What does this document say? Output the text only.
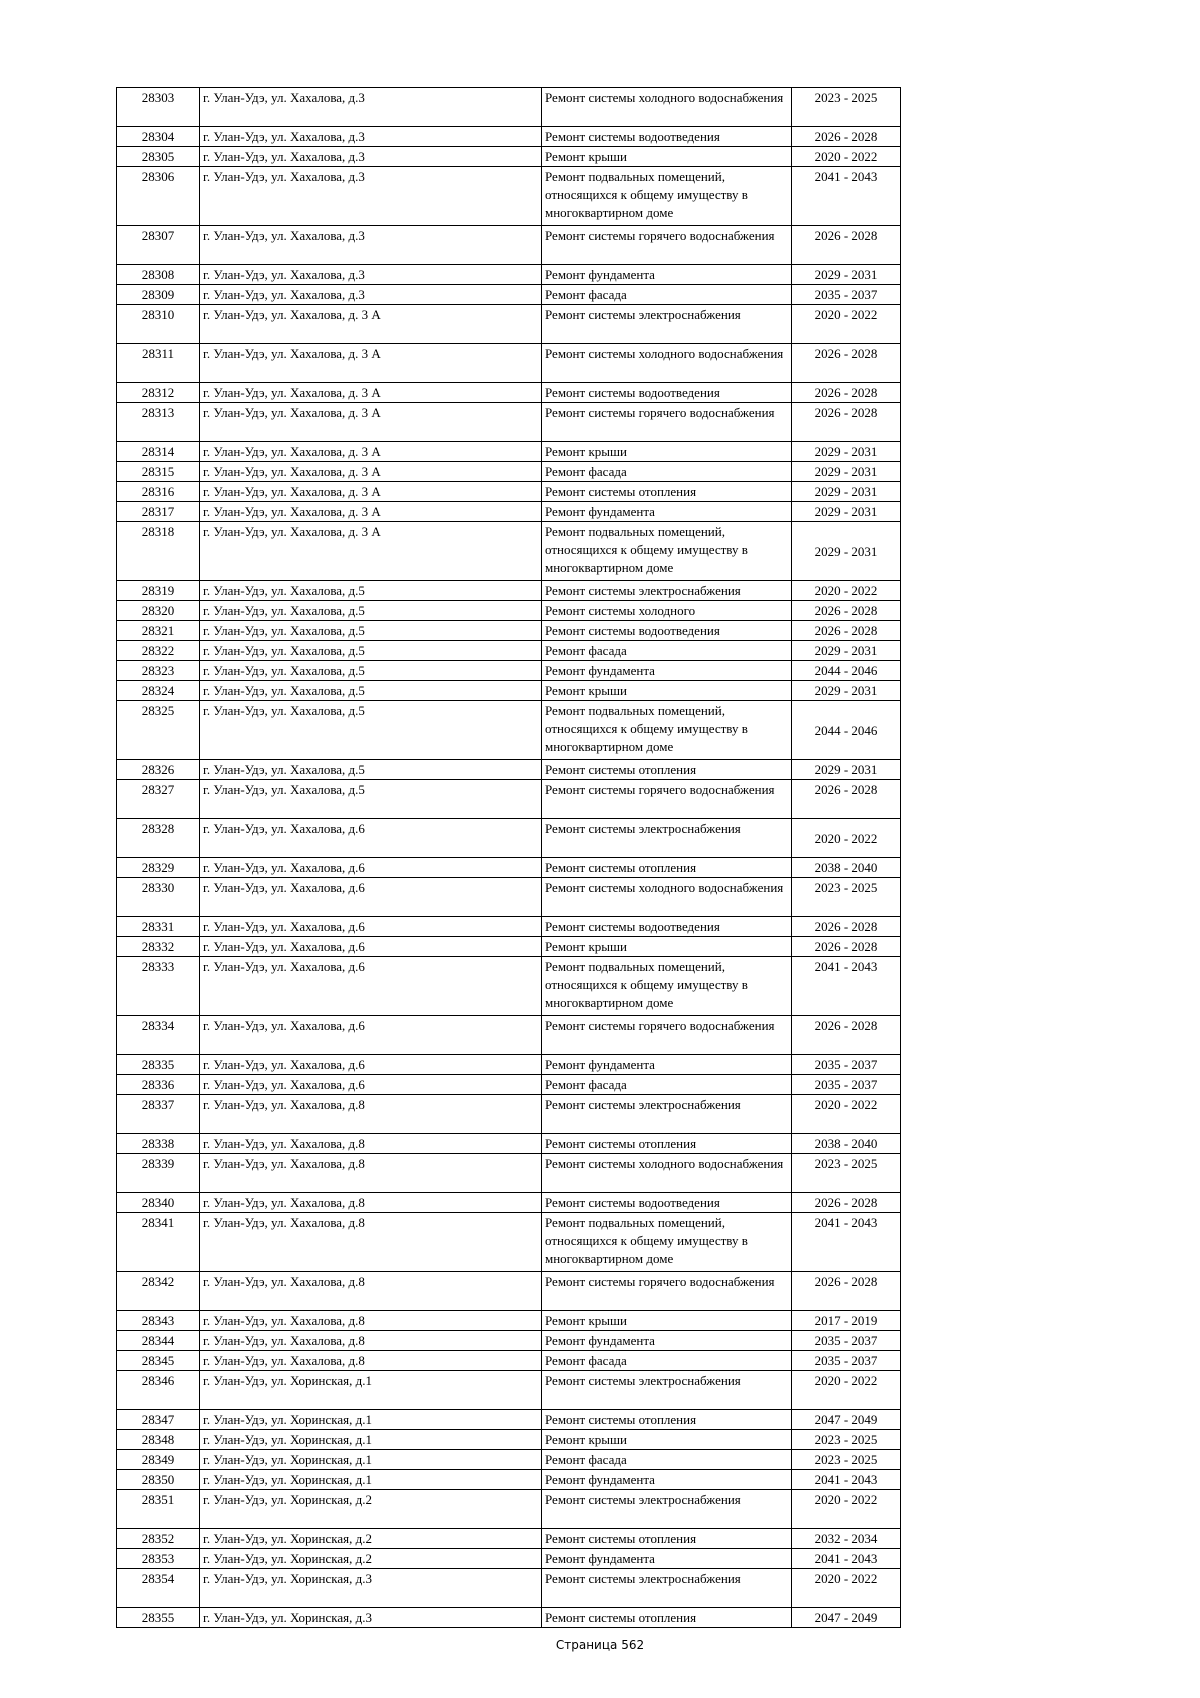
28303	г. Улан-Удэ, ул. Хахалова, д.3	Ремонт системы холодного водоснабжения	2023 - 2025
28304	г. Улан-Удэ, ул. Хахалова, д.3	Ремонт системы водоотведения	2026 - 2028
28305	г. Улан-Удэ, ул. Хахалова, д.3	Ремонт крыши	2020 - 2022
28306	г. Улан-Удэ, ул. Хахалова, д.3	Ремонт подвальных помещений, относящихся к общему имуществу в многоквартирном доме	2041 - 2043
28307	г. Улан-Удэ, ул. Хахалова, д.3	Ремонт системы горячего водоснабжения	2026 - 2028
28308	г. Улан-Удэ, ул. Хахалова, д.3	Ремонт фундамента	2029 - 2031
28309	г. Улан-Удэ, ул. Хахалова, д.3	Ремонт фасада	2035 - 2037
28310	г. Улан-Удэ, ул. Хахалова, д. 3 А	Ремонт системы электроснабжения	2020 - 2022
28311	г. Улан-Удэ, ул. Хахалова, д. 3 А	Ремонт системы холодного водоснабжения	2026 - 2028
28312	г. Улан-Удэ, ул. Хахалова, д. 3 А	Ремонт системы водоотведения	2026 - 2028
28313	г. Улан-Удэ, ул. Хахалова, д. 3 А	Ремонт системы горячего водоснабжения	2026 - 2028
28314	г. Улан-Удэ, ул. Хахалова, д. 3 А	Ремонт крыши	2029 - 2031
28315	г. Улан-Удэ, ул. Хахалова, д. 3 А	Ремонт фасада	2029 - 2031
28316	г. Улан-Удэ, ул. Хахалова, д. 3 А	Ремонт системы отопления	2029 - 2031
28317	г. Улан-Удэ, ул. Хахалова, д. 3 А	Ремонт фундамента	2029 - 2031
28318	г. Улан-Удэ, ул. Хахалова, д. 3 А	Ремонт подвальных помещений, относящихся к общему имуществу в многоквартирном доме	2029 - 2031
28319	г. Улан-Удэ, ул. Хахалова, д.5	Ремонт системы электроснабжения	2020 - 2022
28320	г. Улан-Удэ, ул. Хахалова, д.5	Ремонт системы холодного	2026 - 2028
28321	г. Улан-Удэ, ул. Хахалова, д.5	Ремонт системы водоотведения	2026 - 2028
28322	г. Улан-Удэ, ул. Хахалова, д.5	Ремонт фасада	2029 - 2031
28323	г. Улан-Удэ, ул. Хахалова, д.5	Ремонт фундамента	2044 - 2046
28324	г. Улан-Удэ, ул. Хахалова, д.5	Ремонт крыши	2029 - 2031
28325	г. Улан-Удэ, ул. Хахалова, д.5	Ремонт подвальных помещений, относящихся к общему имуществу в многоквартирном доме	2044 - 2046
28326	г. Улан-Удэ, ул. Хахалова, д.5	Ремонт системы отопления	2029 - 2031
28327	г. Улан-Удэ, ул. Хахалова, д.5	Ремонт системы горячего водоснабжения	2026 - 2028
28328	г. Улан-Удэ, ул. Хахалова, д.6	Ремонт системы электроснабжения	2020 - 2022
28329	г. Улан-Удэ, ул. Хахалова, д.6	Ремонт системы отопления	2038 - 2040
28330	г. Улан-Удэ, ул. Хахалова, д.6	Ремонт системы холодного водоснабжения	2023 - 2025
28331	г. Улан-Удэ, ул. Хахалова, д.6	Ремонт системы водоотведения	2026 - 2028
28332	г. Улан-Удэ, ул. Хахалова, д.6	Ремонт крыши	2026 - 2028
28333	г. Улан-Удэ, ул. Хахалова, д.6	Ремонт подвальных помещений, относящихся к общему имуществу в многоквартирном доме	2041 - 2043
28334	г. Улан-Удэ, ул. Хахалова, д.6	Ремонт системы горячего водоснабжения	2026 - 2028
28335	г. Улан-Удэ, ул. Хахалова, д.6	Ремонт фундамента	2035 - 2037
28336	г. Улан-Удэ, ул. Хахалова, д.6	Ремонт фасада	2035 - 2037
28337	г. Улан-Удэ, ул. Хахалова, д.8	Ремонт системы электроснабжения	2020 - 2022
28338	г. Улан-Удэ, ул. Хахалова, д.8	Ремонт системы отопления	2038 - 2040
28339	г. Улан-Удэ, ул. Хахалова, д.8	Ремонт системы холодного водоснабжения	2023 - 2025
28340	г. Улан-Удэ, ул. Хахалова, д.8	Ремонт системы водоотведения	2026 - 2028
28341	г. Улан-Удэ, ул. Хахалова, д.8	Ремонт подвальных помещений, относящихся к общему имуществу в многоквартирном доме	2041 - 2043
28342	г. Улан-Удэ, ул. Хахалова, д.8	Ремонт системы горячего водоснабжения	2026 - 2028
28343	г. Улан-Удэ, ул. Хахалова, д.8	Ремонт крыши	2017 - 2019
28344	г. Улан-Удэ, ул. Хахалова, д.8	Ремонт фундамента	2035 - 2037
28345	г. Улан-Удэ, ул. Хахалова, д.8	Ремонт фасада	2035 - 2037
28346	г. Улан-Удэ, ул. Хоринская, д.1	Ремонт системы электроснабжения	2020 - 2022
28347	г. Улан-Удэ, ул. Хоринская, д.1	Ремонт системы отопления	2047 - 2049
28348	г. Улан-Удэ, ул. Хоринская, д.1	Ремонт крыши	2023 - 2025
28349	г. Улан-Удэ, ул. Хоринская, д.1	Ремонт фасада	2023 - 2025
28350	г. Улан-Удэ, ул. Хоринская, д.1	Ремонт фундамента	2041 - 2043
28351	г. Улан-Удэ, ул. Хоринская, д.2	Ремонт системы электроснабжения	2020 - 2022
28352	г. Улан-Удэ, ул. Хоринская, д.2	Ремонт системы отопления	2032 - 2034
28353	г. Улан-Удэ, ул. Хоринская, д.2	Ремонт фундамента	2041 - 2043
28354	г. Улан-Удэ, ул. Хоринская, д.3	Ремонт системы электроснабжения	2020 - 2022
28355	г. Улан-Удэ, ул. Хоринская, д.3	Ремонт системы отопления	2047 - 2049
Страница 562
